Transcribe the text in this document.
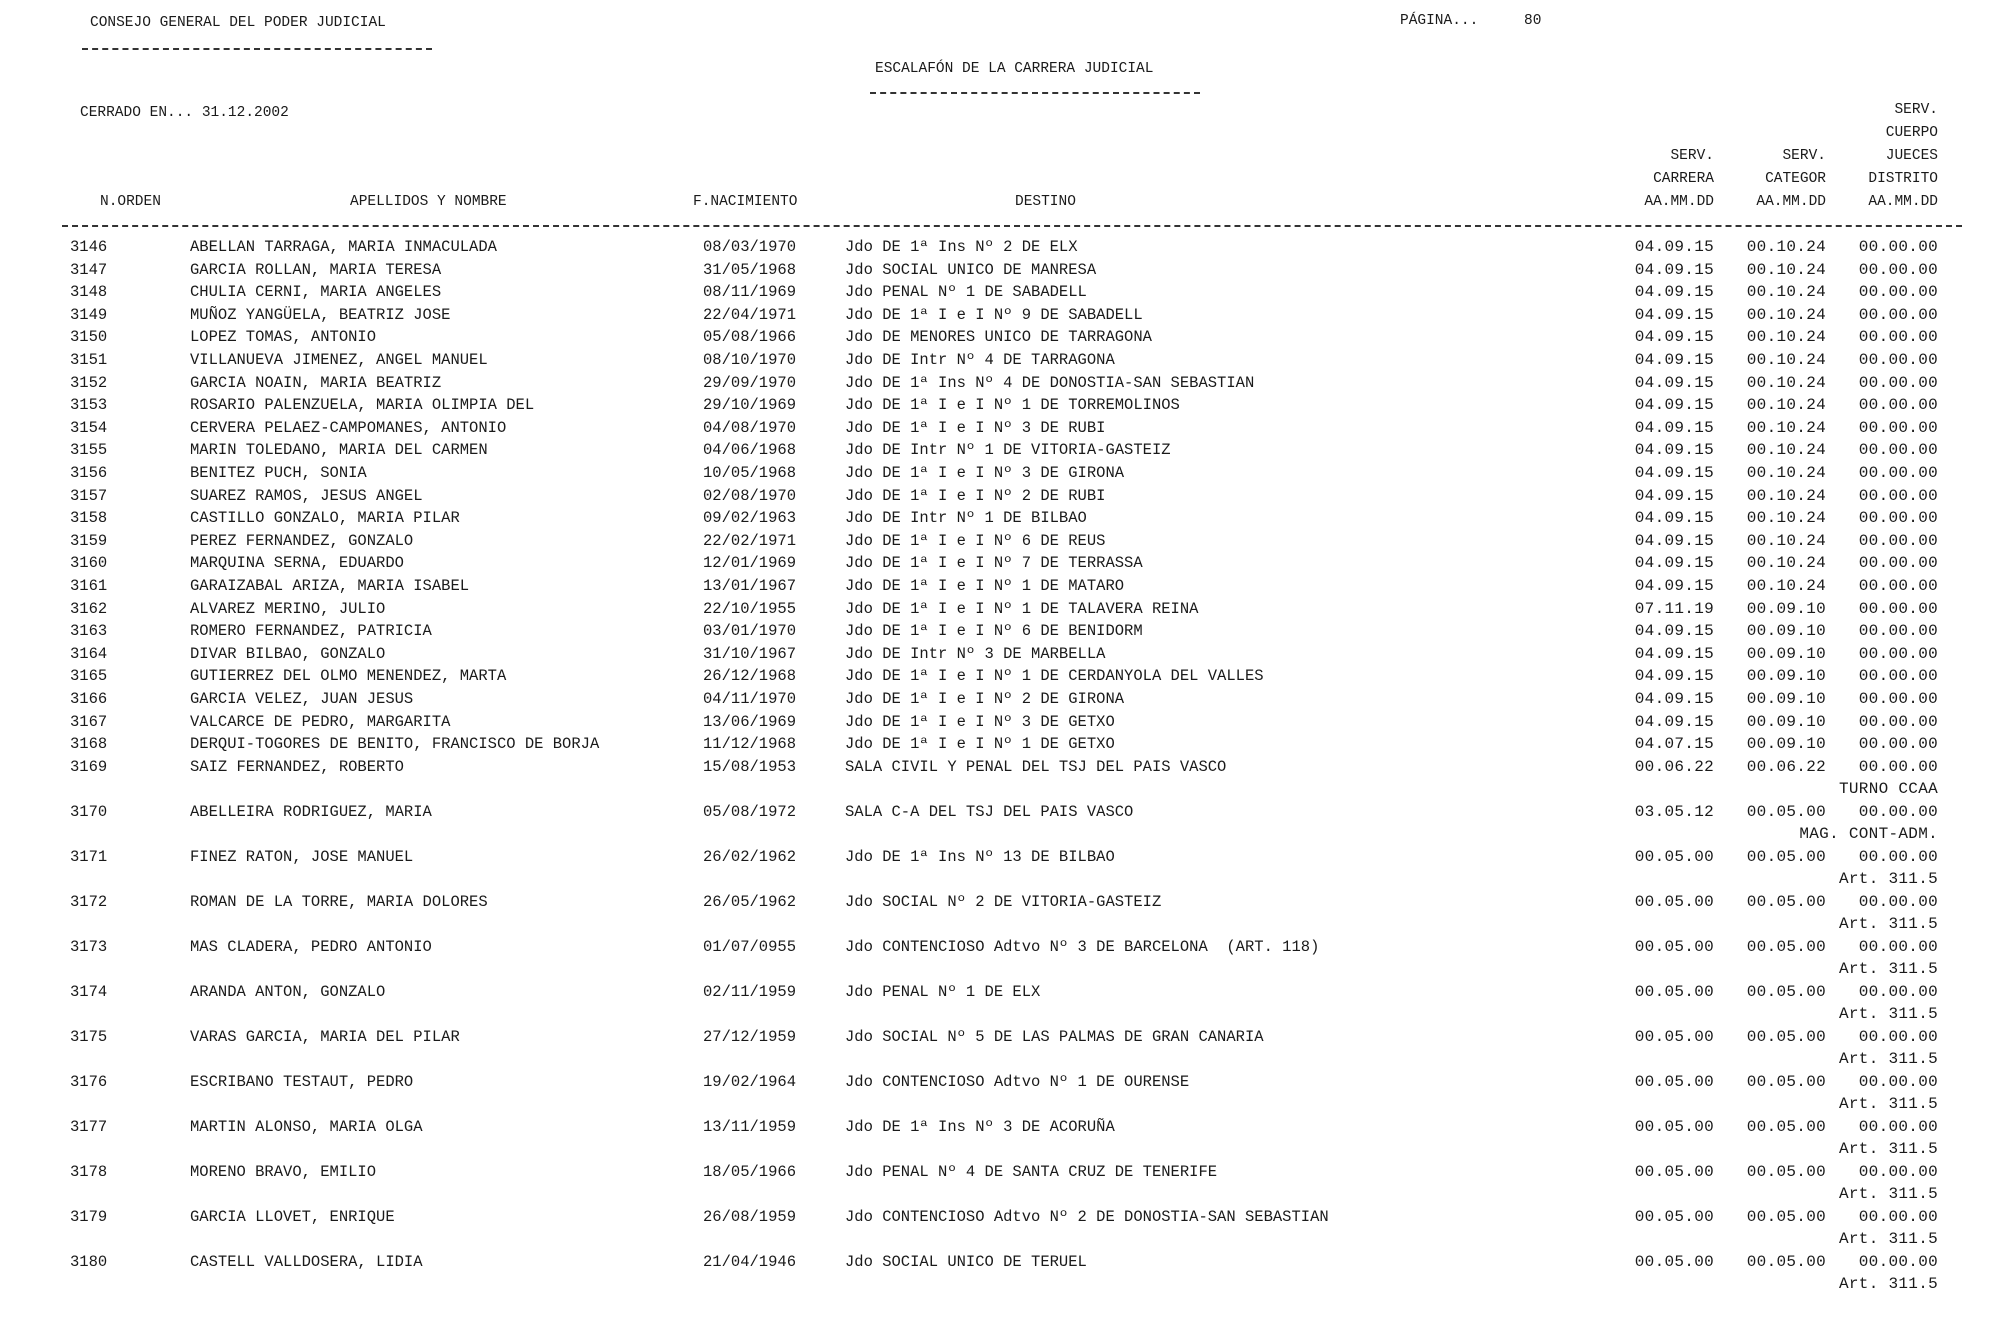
CONSEJO GENERAL DEL PODER JUDICIAL	PÁGINA...	80
ESCALAFÓN DE LA CARRERA JUDICIAL
CERRADO EN... 31.12.2002
N.ORDEN	APELLIDOS Y NOMBRE	F.NACIMIENTO	DESTINO
SERV.
CARRERA
AA.MM.DD
SERV.
CATEGOR
AA.MM.DD
SERV.
CUERPO
JUECES
DISTRITO
AA.MM.DD
3146	ABELLAN TARRAGA, MARIA INMACULADA	08/03/1970	Jdo DE 1ª Ins Nº 2 DE ELX	04.09.15 00.10.24 00.00.00
3147	GARCIA ROLLAN, MARIA TERESA	31/05/1968	Jdo SOCIAL UNICO DE MANRESA	04.09.15 00.10.24 00.00.00
3148	CHULIA CERNI, MARIA ANGELES	08/11/1969	Jdo PENAL Nº 1 DE SABADELL	04.09.15 00.10.24 00.00.00
3149	MUÑOZ YANGÜELA, BEATRIZ JOSE	22/04/1971	Jdo DE 1ª I e I Nº 9 DE SABADELL	04.09.15 00.10.24 00.00.00
3150	LOPEZ TOMAS, ANTONIO	05/08/1966	Jdo DE MENORES UNICO DE TARRAGONA	04.09.15 00.10.24 00.00.00
3151	VILLANUEVA JIMENEZ, ANGEL MANUEL	08/10/1970	Jdo DE Intr Nº 4 DE TARRAGONA	04.09.15 00.10.24 00.00.00
3152	GARCIA NOAIN, MARIA BEATRIZ	29/09/1970	Jdo DE 1ª Ins Nº 4 DE DONOSTIA-SAN SEBASTIAN	04.09.15 00.10.24 00.00.00
3153	ROSARIO PALENZUELA, MARIA OLIMPIA DEL	29/10/1969	Jdo DE 1ª I e I Nº 1 DE TORREMOLINOS	04.09.15 00.10.24 00.00.00
3154	CERVERA PELAEZ-CAMPOMANES, ANTONIO	04/08/1970	Jdo DE 1ª I e I Nº 3 DE RUBI	04.09.15 00.10.24 00.00.00
3155	MARIN TOLEDANO, MARIA DEL CARMEN	04/06/1968	Jdo DE Intr Nº 1 DE VITORIA-GASTEIZ	04.09.15 00.10.24 00.00.00
3156	BENITEZ PUCH, SONIA	10/05/1968	Jdo DE 1ª I e I Nº 3 DE GIRONA	04.09.15 00.10.24 00.00.00
3157	SUAREZ RAMOS, JESUS ANGEL	02/08/1970	Jdo DE 1ª I e I Nº 2 DE RUBI	04.09.15 00.10.24 00.00.00
3158	CASTILLO GONZALO, MARIA PILAR	09/02/1963	Jdo DE Intr Nº 1 DE BILBAO	04.09.15 00.10.24 00.00.00
3159	PEREZ FERNANDEZ, GONZALO	22/02/1971	Jdo DE 1ª I e I Nº 6 DE REUS	04.09.15 00.10.24 00.00.00
3160	MARQUINA SERNA, EDUARDO	12/01/1969	Jdo DE 1ª I e I Nº 7 DE TERRASSA	04.09.15 00.10.24 00.00.00
3161	GARAIZABAL ARIZA, MARIA ISABEL	13/01/1967	Jdo DE 1ª I e I Nº 1 DE MATARO	04.09.15 00.10.24 00.00.00
3162	ALVAREZ MERINO, JULIO	22/10/1955	Jdo DE 1ª I e I Nº 1 DE TALAVERA REINA	07.11.19 00.09.10 00.00.00
3163	ROMERO FERNANDEZ, PATRICIA	03/01/1970	Jdo DE 1ª I e I Nº 6 DE BENIDORM	04.09.15 00.09.10 00.00.00
3164	DIVAR BILBAO, GONZALO	31/10/1967	Jdo DE Intr Nº 3 DE MARBELLA	04.09.15 00.09.10 00.00.00
3165	GUTIERREZ DEL OLMO MENENDEZ, MARTA	26/12/1968	Jdo DE 1ª I e I Nº 1 DE CERDANYOLA DEL VALLES	04.09.15 00.09.10 00.00.00
3166	GARCIA VELEZ, JUAN JESUS	04/11/1970	Jdo DE 1ª I e I Nº 2 DE GIRONA	04.09.15 00.09.10 00.00.00
3167	VALCARCE DE PEDRO, MARGARITA	13/06/1969	Jdo DE 1ª I e I Nº 3 DE GETXO	04.09.15 00.09.10 00.00.00
3168	DERQUI-TOGORES DE BENITO, FRANCISCO DE BORJA	11/12/1968	Jdo DE 1ª I e I Nº 1 DE GETXO	04.07.15 00.09.10 00.00.00
3169	SAIZ FERNANDEZ, ROBERTO	15/08/1953	SALA CIVIL Y PENAL DEL TSJ DEL PAIS VASCO	00.06.22 00.06.22 00.00.00
TURNO CCAA
3170	ABELLEIRA RODRIGUEZ, MARIA	05/08/1972	SALA C-A DEL TSJ DEL PAIS VASCO	03.05.12 00.05.00 00.00.00
MAG. CONT-ADM.
3171	FINEZ RATON, JOSE MANUEL	26/02/1962	Jdo DE 1ª Ins Nº 13 DE BILBAO	00.05.00 00.05.00 00.00.00
Art. 311.5
3172	ROMAN DE LA TORRE, MARIA DOLORES	26/05/1962	Jdo SOCIAL Nº 2 DE VITORIA-GASTEIZ	00.05.00 00.05.00 00.00.00
Art. 311.5
3173	MAS CLADERA, PEDRO ANTONIO	01/07/0955	Jdo CONTENCIOSO Adtvo Nº 3 DE BARCELONA  (ART. 118)	00.05.00 00.05.00 00.00.00
Art. 311.5
3174	ARANDA ANTON, GONZALO	02/11/1959	Jdo PENAL Nº 1 DE ELX	00.05.00 00.05.00 00.00.00
Art. 311.5
3175	VARAS GARCIA, MARIA DEL PILAR	27/12/1959	Jdo SOCIAL Nº 5 DE LAS PALMAS DE GRAN CANARIA	00.05.00 00.05.00 00.00.00
Art. 311.5
3176	ESCRIBANO TESTAUT, PEDRO	19/02/1964	Jdo CONTENCIOSO Adtvo Nº 1 DE OURENSE	00.05.00 00.05.00 00.00.00
Art. 311.5
3177	MARTIN ALONSO, MARIA OLGA	13/11/1959	Jdo DE 1ª Ins Nº 3 DE ACORUÑA	00.05.00 00.05.00 00.00.00
Art. 311.5
3178	MORENO BRAVO, EMILIO	18/05/1966	Jdo PENAL Nº 4 DE SANTA CRUZ DE TENERIFE	00.05.00 00.05.00 00.00.00
Art. 311.5
3179	GARCIA LLOVET, ENRIQUE	26/08/1959	Jdo CONTENCIOSO Adtvo Nº 2 DE DONOSTIA-SAN SEBASTIAN	00.05.00 00.05.00 00.00.00
Art. 311.5
3180	CASTELL VALLDOSERA, LIDIA	21/04/1946	Jdo SOCIAL UNICO DE TERUEL	00.05.00 00.05.00 00.00.00
Art. 311.5
